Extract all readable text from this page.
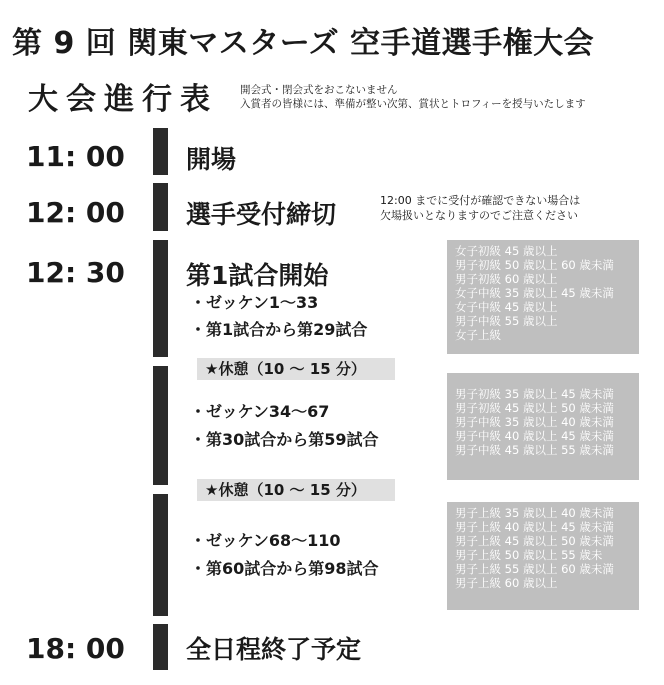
第 9 回 関東マスターズ 空手道選手権大会
大会進行表 開会式・閉会式をおこないません
入賞者の皆様には、準備が整い次第、賞状とトロフィーを授与いたします
11: 00 開場
12: 00 選手受付締切	12:00 までに受付が確認できない場合は
欠場扱いとなりますのでご注意ください
12: 30 第1試合開始
・ゼッケン1〜33
・第1試合から第29試合
女子初級 45 歳以上
男子初級 50 歳以上 60 歳未満
男子初級 60 歳以上
女子中級 35 歳以上 45 歳未満
女子中級 45 歳以上
男子中級 55 歳以上
女子上級
★休憩（10 〜 15 分）
・ゼッケン34〜67
・第30試合から第59試合
男子初級 35 歳以上 45 歳未満
男子初級 45 歳以上 50 歳未満
男子中級 35 歳以上 40 歳未満
男子中級 40 歳以上 45 歳未満
男子中級 45 歳以上 55 歳未満
★休憩（10 〜 15 分）
・ゼッケン68〜110
・第60試合から第98試合
男子上級 35 歳以上 40 歳未満
男子上級 40 歳以上 45 歳未満
男子上級 45 歳以上 50 歳未満
男子上級 50 歳以上 55 歳未
男子上級 55 歳以上 60 歳未満
男子上級 60 歳以上
18: 00 全日程終了予定
